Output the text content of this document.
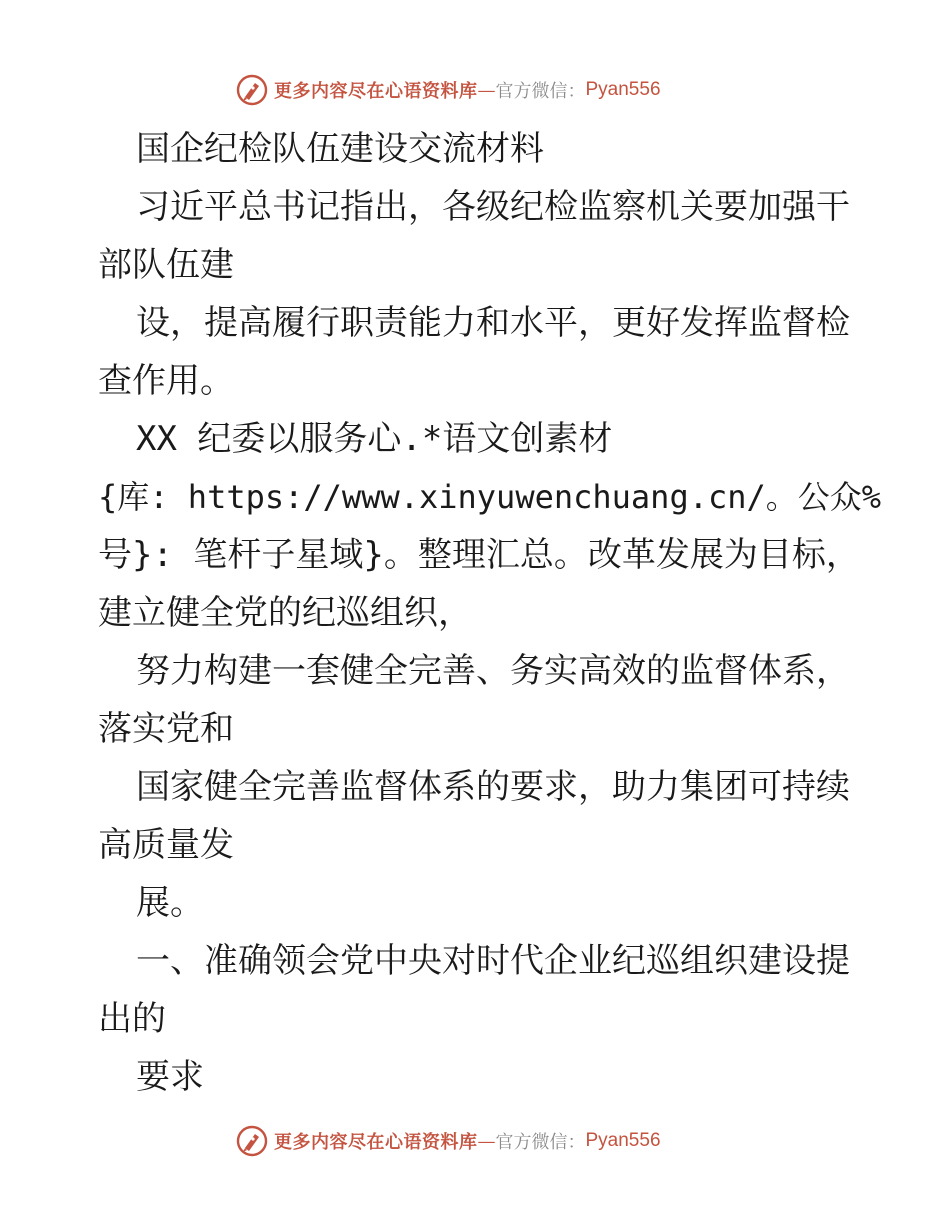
更多内容尽在心语资料库 — 官方微信： Pyan556
国企纪检队伍建设交流材料
习近平总书记指出，各级纪检监察机关要加强干
部队伍建
设，提高履行职责能力和水平，更好发挥监督检
查作用。
XX 纪委以服务心.*语文创素材
{库: https://www.xinyuwenchuang.cn/。公众%
号}: 笔杆子星域}。整理汇总。改革发展为目标，
建立健全党的纪巡组织，
努力构建一套健全完善、务实高效的监督体系，
落实党和
国家健全完善监督体系的要求，助力集团可持续
高质量发
展。
一、准确领会党中央对时代企业纪巡组织建设提
出的
要求
更多内容尽在心语资料库 — 官方微信： Pyan556
